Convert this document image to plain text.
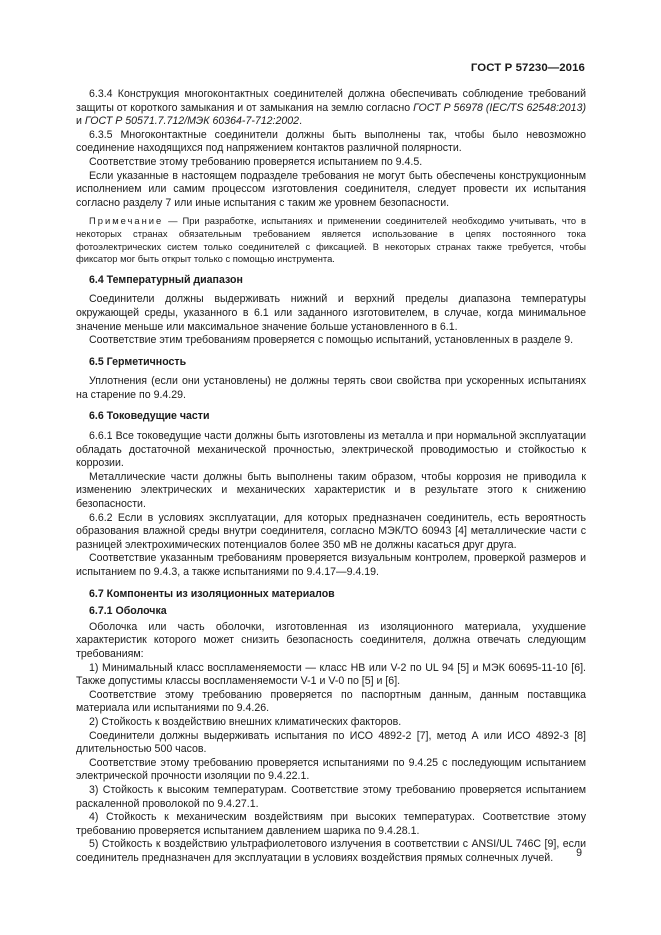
ГОСТ Р 57230—2016

6.3.4 Конструкция многоконтактных соединителей должна обеспечивать соблюдение требований защиты от короткого замыкания и от замыкания на землю согласно ГОСТ Р 56978 (IEC/TS 62548:2013) и ГОСТ Р 50571.7.712/МЭК 60364-7-712:2002.

6.3.5 Многоконтактные соединители должны быть выполнены так, чтобы было невозможно соединение находящихся под напряжением контактов различной полярности.

Соответствие этому требованию проверяется испытанием по 9.4.5.

Если указанные в настоящем подразделе требования не могут быть обеспечены конструкционным исполнением или самим процессом изготовления соединителя, следует провести их испытания согласно разделу 7 или иные испытания с таким же уровнем безопасности.

Примечание — При разработке, испытаниях и применении соединителей необходимо учитывать, что в некоторых странах обязательным требованием является использование в цепях постоянного тока фотоэлектрических систем только соединителей с фиксацией. В некоторых странах также требуется, чтобы фиксатор мог быть открыт только с помощью инструмента.

6.4 Температурный диапазон

Соединители должны выдерживать нижний и верхний пределы диапазона температуры окружающей среды, указанного в 6.1 или заданного изготовителем, в случае, когда минимальное значение меньше или максимальное значение больше установленного в 6.1.

Соответствие этим требованиям проверяется с помощью испытаний, установленных в разделе 9.

6.5 Герметичность

Уплотнения (если они установлены) не должны терять свои свойства при ускоренных испытаниях на старение по 9.4.29.

6.6 Токоведущие части

6.6.1 Все токоведущие части должны быть изготовлены из металла и при нормальной эксплуатации обладать достаточной механической прочностью, электрической проводимостью и стойкостью к коррозии.

Металлические части должны быть выполнены таким образом, чтобы коррозия не приводила к изменению электрических и механических характеристик и в результате этого к снижению безопасности.

6.6.2 Если в условиях эксплуатации, для которых предназначен соединитель, есть вероятность образования влажной среды внутри соединителя, согласно МЭК/ТО 60943 [4] металлические части с разницей электрохимических потенциалов более 350 мВ не должны касаться друг друга.

Соответствие указанным требованиям проверяется визуальным контролем, проверкой размеров и испытанием по 9.4.3, а также испытаниями по 9.4.17—9.4.19.

6.7 Компоненты из изоляционных материалов

6.7.1 Оболочка

Оболочка или часть оболочки, изготовленная из изоляционного материала, ухудшение характеристик которого может снизить безопасность соединителя, должна отвечать следующим требованиям:

1) Минимальный класс воспламеняемости — класс НВ или V-2 по UL 94 [5] и МЭК 60695-11-10 [6]. Также допустимы классы воспламеняемости V-1 и V-0 по [5] и [6].

Соответствие этому требованию проверяется по паспортным данным, данным поставщика материала или испытаниями по 9.4.26.

2) Стойкость к воздействию внешних климатических факторов.

Соединители должны выдерживать испытания по ИСО 4892-2 [7], метод А или ИСО 4892-3 [8] длительностью 500 часов.

Соответствие этому требованию проверяется испытаниями по 9.4.25 с последующим испытанием электрической прочности изоляции по 9.4.22.1.

3) Стойкость к высоким температурам. Соответствие этому требованию проверяется испытанием раскаленной проволокой по 9.4.27.1.

4) Стойкость к механическим воздействиям при высоких температурах. Соответствие этому требованию проверяется испытанием давлением шарика по 9.4.28.1.

5) Стойкость к воздействию ультрафиолетового излучения в соответствии с ANSI/UL 746C [9], если соединитель предназначен для эксплуатации в условиях воздействия прямых солнечных лучей.	9
